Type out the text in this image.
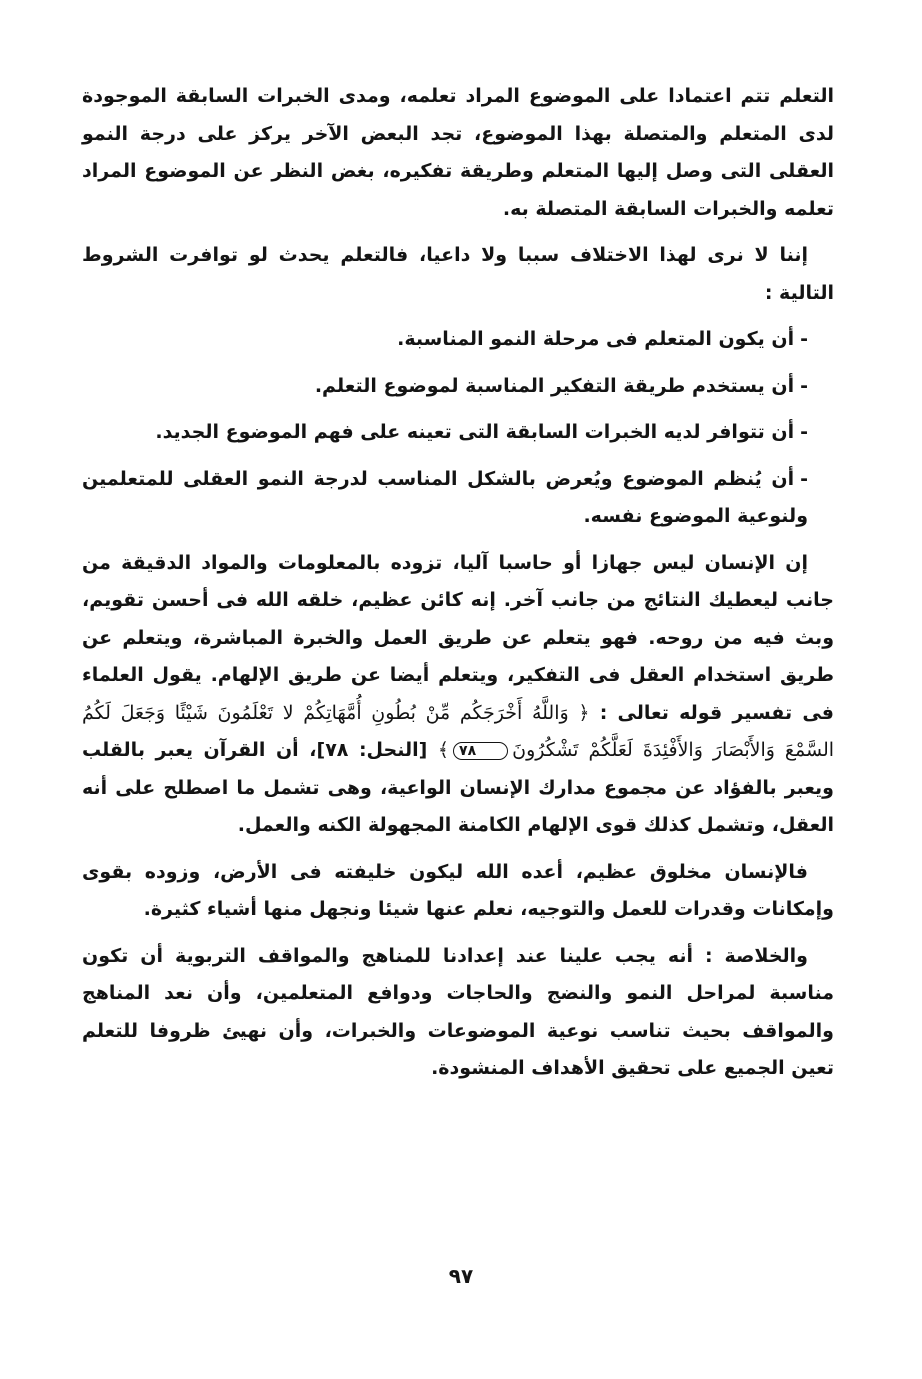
التعلم تتم اعتمادا على الموضوع المراد تعلمه، ومدى الخبرات السابقة الموجودة لدى المتعلم والمتصلة بهذا الموضوع، تجد البعض الآخر يركز على درجة النمو العقلى التى وصل إليها المتعلم وطريقة تفكيره، بغض النظر عن الموضوع المراد تعلمه والخبرات السابقة المتصلة به.

إننا لا نرى لهذا الاختلاف سببا ولا داعيا، فالتعلم يحدث لو توافرت الشروط التالية :

-أن يكون المتعلم فى مرحلة النمو المناسبة.
-أن يستخدم طريقة التفكير المناسبة لموضوع التعلم.
-أن تتوافر لديه الخبرات السابقة التى تعينه على فهم الموضوع الجديد.
-أن يُنظم الموضوع ويُعرض بالشكل المناسب لدرجة النمو العقلى للمتعلمين ولنوعية الموضوع نفسه.

إن الإنسان ليس جهازا أو حاسبا آليا، تزوده بالمعلومات والمواد الدقيقة من جانب ليعطيك النتائج من جانب آخر. إنه كائن عظيم، خلقه الله فى أحسن تقويم، وبث فيه من روحه. فهو يتعلم عن طريق العمل والخبرة المباشرة، ويتعلم عن طريق استخدام العقل فى التفكير، ويتعلم أيضا عن طريق الإلهام. يقول العلماء فى تفسير قوله تعالى : ﴿ وَاللَّهُ أَخْرَجَكُم مِّنْ بُطُونِ أُمَّهَاتِكُمْ لا تَعْلَمُونَ شَيْئًا وَجَعَلَ لَكُمُ السَّمْعَ وَالأَبْصَارَ وَالأَفْئِدَةَ لَعَلَّكُمْ تَشْكُرُونَ٧٨﴾ [النحل: ٧٨]، أن القرآن يعبر بالقلب ويعبر بالفؤاد عن مجموع مدارك الإنسان الواعية، وهى تشمل ما اصطلح على أنه العقل، وتشمل كذلك قوى الإلهام الكامنة المجهولة الكنه والعمل.

فالإنسان مخلوق عظيم، أعده الله ليكون خليفته فى الأرض، وزوده بقوى وإمكانات وقدرات للعمل والتوجيه، نعلم عنها شيئا ونجهل منها أشياء كثيرة.

والخلاصة : أنه يجب علينا عند إعدادنا للمناهج والمواقف التربوية أن تكون مناسبة لمراحل النمو والنضج والحاجات ودوافع المتعلمين، وأن نعد المناهج والمواقف بحيث تناسب نوعية الموضوعات والخبرات، وأن نهيئ ظروفا للتعلم تعين الجميع على تحقيق الأهداف المنشودة.

٩٧
